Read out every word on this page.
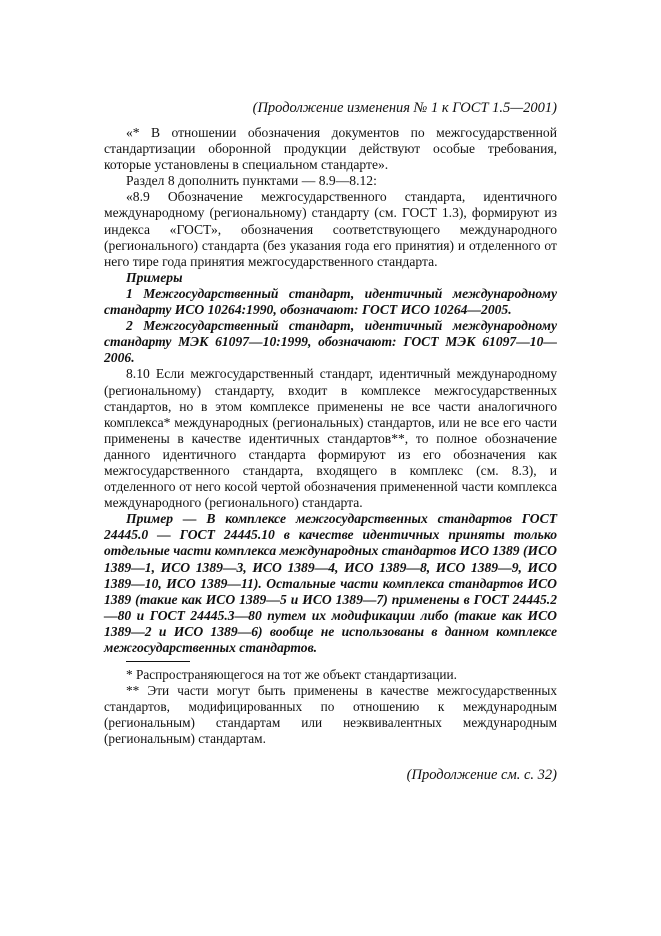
(Продолжение изменения № 1 к ГОСТ 1.5—2001)

«* В отношении обозначения документов по межгосударственной стандартизации оборонной продукции действуют особые требования, которые установлены в специальном стандарте».

Раздел 8 дополнить пунктами — 8.9—8.12:

«8.9 Обозначение межгосударственного стандарта, идентичного международному (региональному) стандарту (см. ГОСТ 1.3), формируют из индекса «ГОСТ», обозначения соответствующего международного (регионального) стандарта (без указания года его принятия) и отделенного от него тире года принятия межгосударственного стандарта.

Примеры

1 Межгосударственный стандарт, идентичный международному стандарту ИСО 10264:1990, обозначают: ГОСТ ИСО 10264—2005.

2 Межгосударственный стандарт, идентичный международному стандарту МЭК 61097—10:1999, обозначают: ГОСТ МЭК 61097—10—2006.

8.10 Если межгосударственный стандарт, идентичный международному (региональному) стандарту, входит в комплексе межгосударственных стандартов, но в этом комплексе применены не все части аналогичного комплекса* международных (региональных) стандартов, или не все его части применены в качестве идентичных стандартов**, то полное обозначение данного идентичного стандарта формируют из его обозначения как межгосударственного стандарта, входящего в комплекс (см. 8.3), и отделенного от него косой чертой обозначения примененной части комплекса международного (регионального) стандарта.

Пример — В комплексе межгосударственных стандартов ГОСТ 24445.0 — ГОСТ 24445.10 в качестве идентичных приняты только отдельные части комплекса международных стандартов ИСО 1389 (ИСО 1389—1, ИСО 1389—3, ИСО 1389—4, ИСО 1389—8, ИСО 1389—9, ИСО 1389—10, ИСО 1389—11). Остальные части комплекса стандартов ИСО 1389 (такие как ИСО 1389—5 и ИСО 1389—7) применены в ГОСТ 24445.2—80 и ГОСТ 24445.3—80 путем их модификации либо (такие как ИСО 1389—2 и ИСО 1389—6) вообще не использованы в данном комплексе межгосударственных стандартов.

* Распространяющегося на тот же объект стандартизации.

** Эти части могут быть применены в качестве межгосударственных стандартов, модифицированных по отношению к международным (региональным) стандартам или неэквивалентных международным (региональным) стандартам.

(Продолжение см. с. 32)
